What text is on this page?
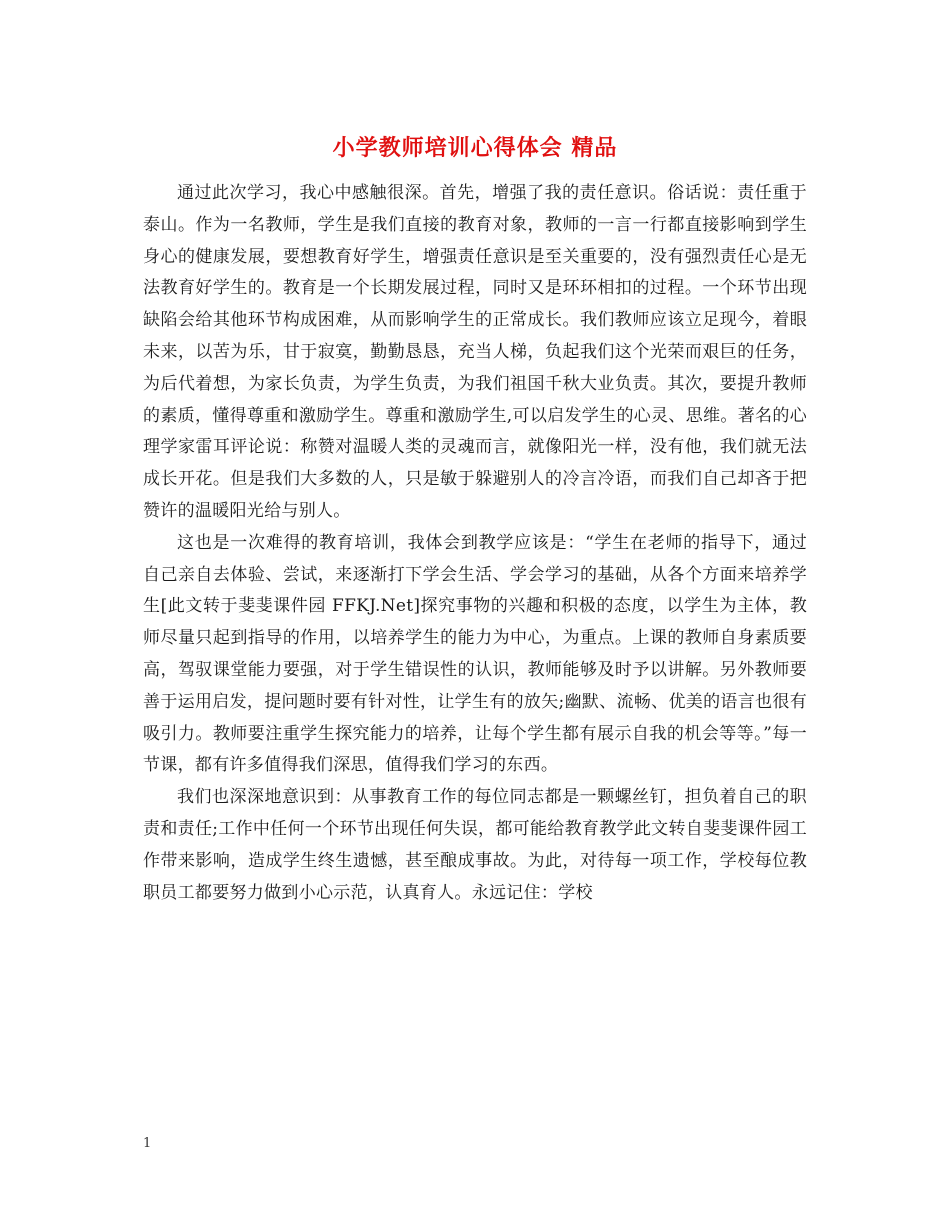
小学教师培训心得体会 精品

通过此次学习，我心中感触很深。首先，增强了我的责任意识。俗话说：责任重于泰山。作为一名教师，学生是我们直接的教育对象，教师的一言一行都直接影响到学生身心的健康发展，要想教育好学生，增强责任意识是至关重要的，没有强烈责任心是无法教育好学生的。教育是一个长期发展过程，同时又是环环相扣的过程。一个环节出现缺陷会给其他环节构成困难，从而影响学生的正常成长。我们教师应该立足现今，着眼未来，以苦为乐，甘于寂寞，勤勤恳恳，充当人梯，负起我们这个光荣而艰巨的任务，为后代着想，为家长负责，为学生负责，为我们祖国千秋大业负责。其次，要提升教师的素质，懂得尊重和激励学生。尊重和激励学生,可以启发学生的心灵、思维。著名的心理学家雷耳评论说：称赞对温暖人类的灵魂而言，就像阳光一样，没有他，我们就无法成长开花。但是我们大多数的人，只是敏于躲避别人的冷言冷语，而我们自己却吝于把赞许的温暖阳光给与别人。

这也是一次难得的教育培训，我体会到教学应该是：“学生在老师的指导下，通过自己亲自去体验、尝试，来逐渐打下学会生活、学会学习的基础，从各个方面来培养学生[此文转于斐斐课件园 FFKJ.Net]探究事物的兴趣和积极的态度，以学生为主体，教师尽量只起到指导的作用，以培养学生的能力为中心，为重点。上课的教师自身素质要高，驾驭课堂能力要强，对于学生错误性的认识，教师能够及时予以讲解。另外教师要善于运用启发，提问题时要有针对性，让学生有的放矢;幽默、流畅、优美的语言也很有吸引力。教师要注重学生探究能力的培养，让每个学生都有展示自我的机会等等。”每一节课，都有许多值得我们深思，值得我们学习的东西。

我们也深深地意识到：从事教育工作的每位同志都是一颗螺丝钉，担负着自己的职责和责任;工作中任何一个环节出现任何失误，都可能给教育教学此文转自斐斐课件园工作带来影响，造成学生终生遗憾，甚至酿成事故。为此，对待每一项工作，学校每位教职员工都要努力做到小心示范，认真育人。永远记住：学校

1
